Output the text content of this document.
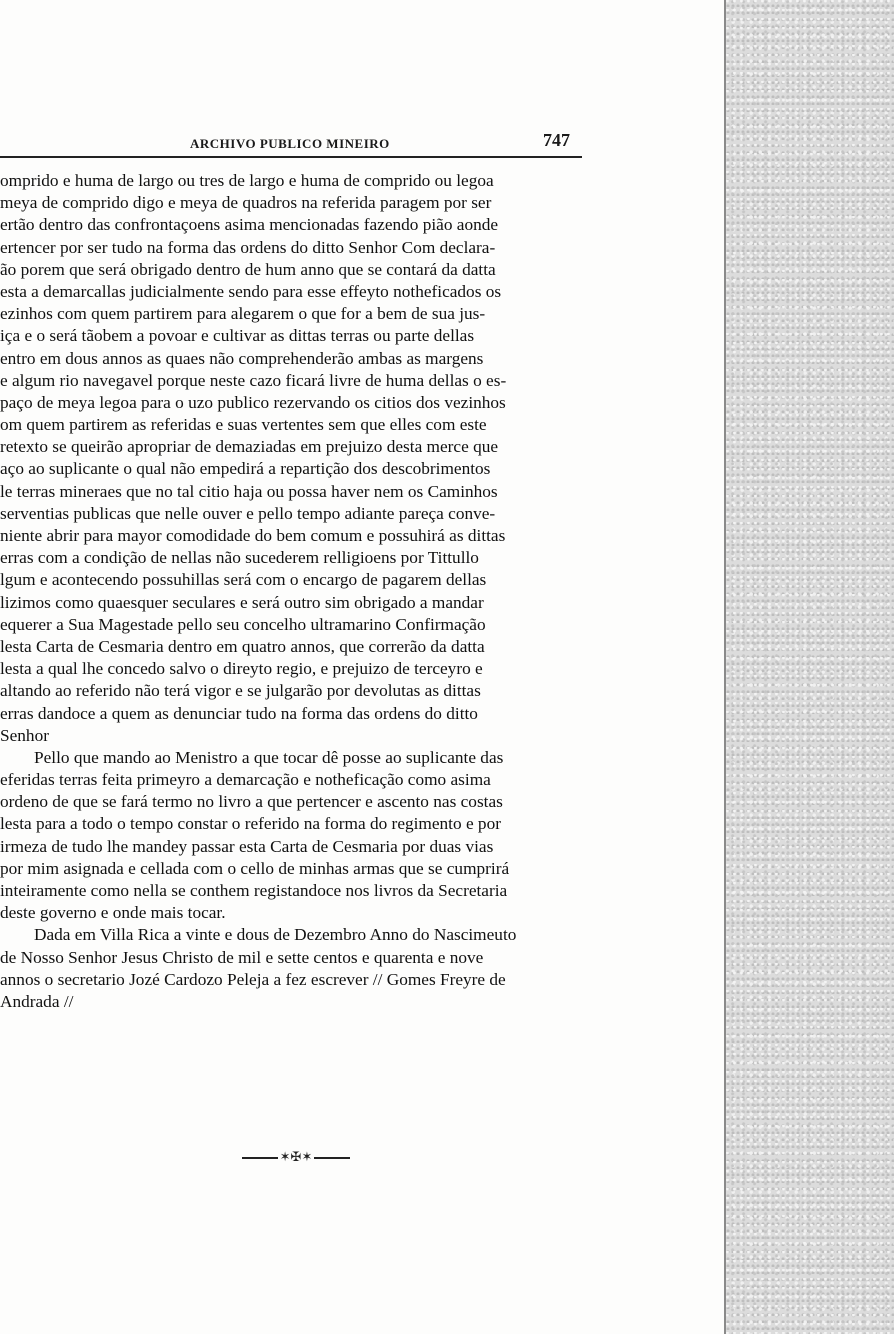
ARCHIVO PUBLICO MINEIRO	747
omprido e huma de largo ou tres de largo e huma de comprido ou legoa
meya de comprido digo e meya de quadros na referida paragem por ser
ertão dentro das confrontaçoens asima mencionadas fazendo pião aonde
ertencer por ser tudo na forma das ordens do ditto Senhor Com declara-
ão porem que será obrigado dentro de hum anno que se contará da datta
esta a demarcallas judicialmente sendo para esse effeyto notheficados os
ezinhos com quem partirem para alegarem o que for a bem de sua jus-
iça e o será tãobem a povoar e cultivar as dittas terras ou parte dellas
entro em dous annos as quaes não comprehenderão ambas as margens
e algum rio navegavel porque neste cazo ficará livre de huma dellas o es-
paço de meya legoa para o uzo publico rezervando os citios dos vezinhos
om quem partirem as referidas e suas vertentes sem que elles com este
retexto se queirão apropriar de demaziadas em prejuizo desta merce que
aço ao suplicante o qual não empedirá a repartição dos descobrimentos
le terras mineraes que no tal citio haja ou possa haver nem os Caminhos
serventias publicas que nelle ouver e pello tempo adiante pareça conve-
niente abrir para mayor comodidade do bem comum e possuhirá as dittas
erras com a condição de nellas não sucederem relligioens por Tittullo
lgum e acontecendo possuhillas será com o encargo de pagarem dellas
lizimos como quaesquer seculares e será outro sim obrigado a mandar
equerer a Sua Magestade pello seu concelho ultramarino Confirmação
lesta Carta de Cesmaria dentro em quatro annos, que correrão da datta
lesta a qual lhe concedo salvo o direyto regio, e prejuizo de terceyro e
altando ao referido não terá vigor e se julgarão por devolutas as dittas
erras dandoce a quem as denunciar tudo na forma das ordens do ditto
Senhor
Pello que mando ao Menistro a que tocar dê posse ao suplicante das
eferidas terras feita primeyro a demarcação e notheficação como asima
ordeno de que se fará termo no livro a que pertencer e ascento nas costas
lesta para a todo o tempo constar o referido na forma do regimento e por
irmeza de tudo lhe mandey passar esta Carta de Cesmaria por duas vias
por mim asignada e cellada com o cello de minhas armas que se cumprirá
inteiramente como nella se conthem registandoce nos livros da Secretaria
deste governo e onde mais tocar.
Dada em Villa Rica a vinte e dous de Dezembro Anno do Nascimeuto
de Nosso Senhor Jesus Christo de mil e sette centos e quarenta e nove
annos o secretario Jozé Cardozo Peleja a fez escrever // Gomes Freyre de
Andrada //
✶✠✶
